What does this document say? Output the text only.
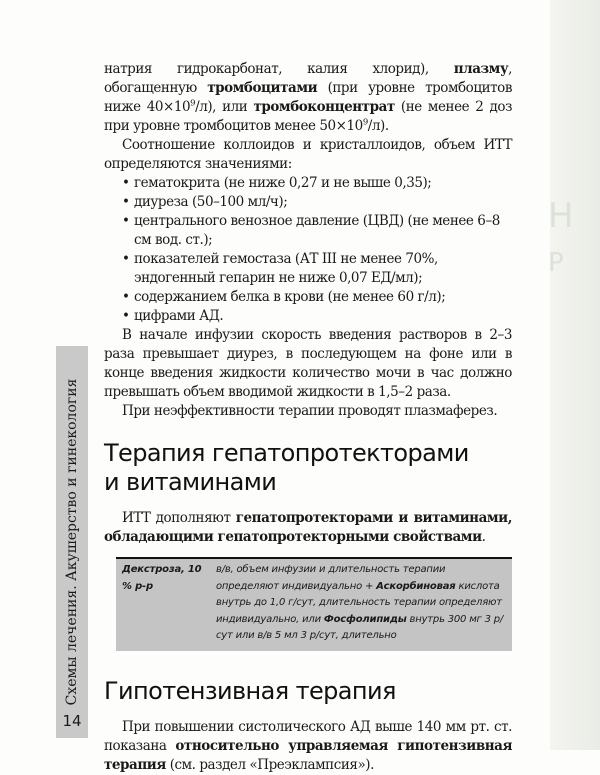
Н
Р
Схемы лечения. Акушерство и гинекология
14

натрия гидрокарбонат, калия хлорид), плазму, обогащенную тромбоцитами (при уровне тромбоцитов ниже $40\times 10^9/л$), или тромбоконцентрат (не менее 2 доз при уровне тромбоцитов менее $50\times 10^9/л$).

Соотношение коллоидов и кристаллоидов, объем ИТТ определяются значениями:

• гематокрита (не ниже 0,27 и не выше 0,35);
• диуреза (50–100 мл/ч);
• центрального венозное давление (ЦВД) (не менее 6–8 см вод. ст.);
• показателей гемостаза (АТ III не менее 70%, эндогенный гепарин не ниже 0,07 ЕД/мл);
• содержанием белка в крови (не менее 60 г/л);
• цифрами АД.

В начале инфузии скорость введения растворов в 2–3 раза превышает диурез, в последующем на фоне или в конце введения жидкости количество мочи в час должно превышать объем вводимой жидкости в 1,5–2 раза.

При неэффективности терапии проводят плазмаферез.

Терапия гепатопротекторами
и витаминами

ИТТ дополняют гепатопротекторами и витаминами, обладающими гепатопротекторными свойствами.

Декстроза, 10 % р-р	в/в, объем инфузии и длительность терапии определяют индивидуально + Аскорбиновая кислота внутрь до 1,0 г/сут, длительность терапии определяют индивидуально, или Фосфолипиды внутрь 300 мг 3 р/сут или в/в 5 мл 3 р/сут, длительно
Гипотензивная терапия

При повышении систолического АД выше 140 мм рт. ст. показана относительно управляемая гипотензивная терапия (см. раздел «Преэклампсия»).
